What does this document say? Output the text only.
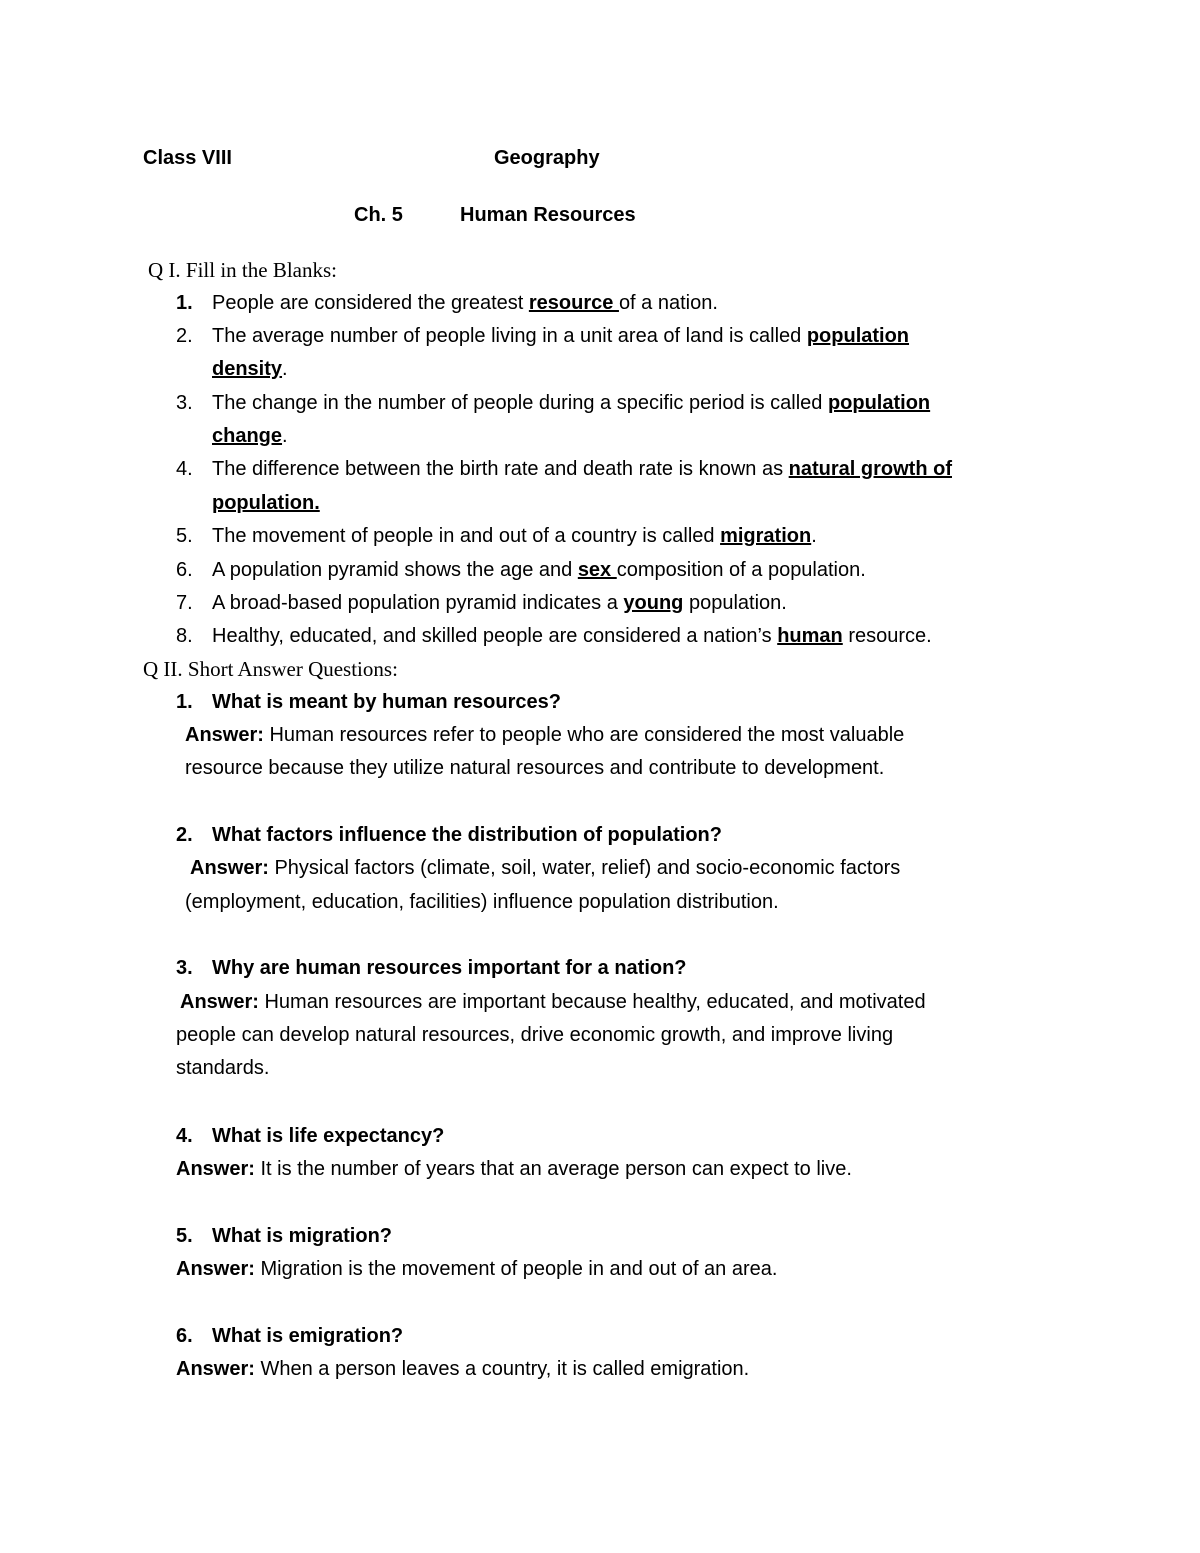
Class VIII	Geography
Ch. 5	Human Resources
Q I. Fill in the Blanks:
1. People are considered the greatest resource of a nation.
2. The average number of people living in a unit area of land is called population
density.
3. The change in the number of people during a specific period is called population
change.
4. The difference between the birth rate and death rate is known as natural growth of
population.
5. The movement of people in and out of a country is called migration.
6. A population pyramid shows the age and sex composition of a population.
7. A broad-based population pyramid indicates a young population.
8. Healthy, educated, and skilled people are considered a nation’s human resource.
Q II. Short Answer Questions:
1. What is meant by human resources?
Answer: Human resources refer to people who are considered the most valuable
resource because they utilize natural resources and contribute to development.
2. What factors influence the distribution of population?
Answer: Physical factors (climate, soil, water, relief) and socio-economic factors
(employment, education, facilities) influence population distribution.
3. Why are human resources important for a nation?
Answer: Human resources are important because healthy, educated, and motivated
people can develop natural resources, drive economic growth, and improve living
standards.
4. What is life expectancy?
Answer: It is the number of years that an average person can expect to live.
5. What is migration?
Answer: Migration is the movement of people in and out of an area.
6. What is emigration?
Answer: When a person leaves a country, it is called emigration.
